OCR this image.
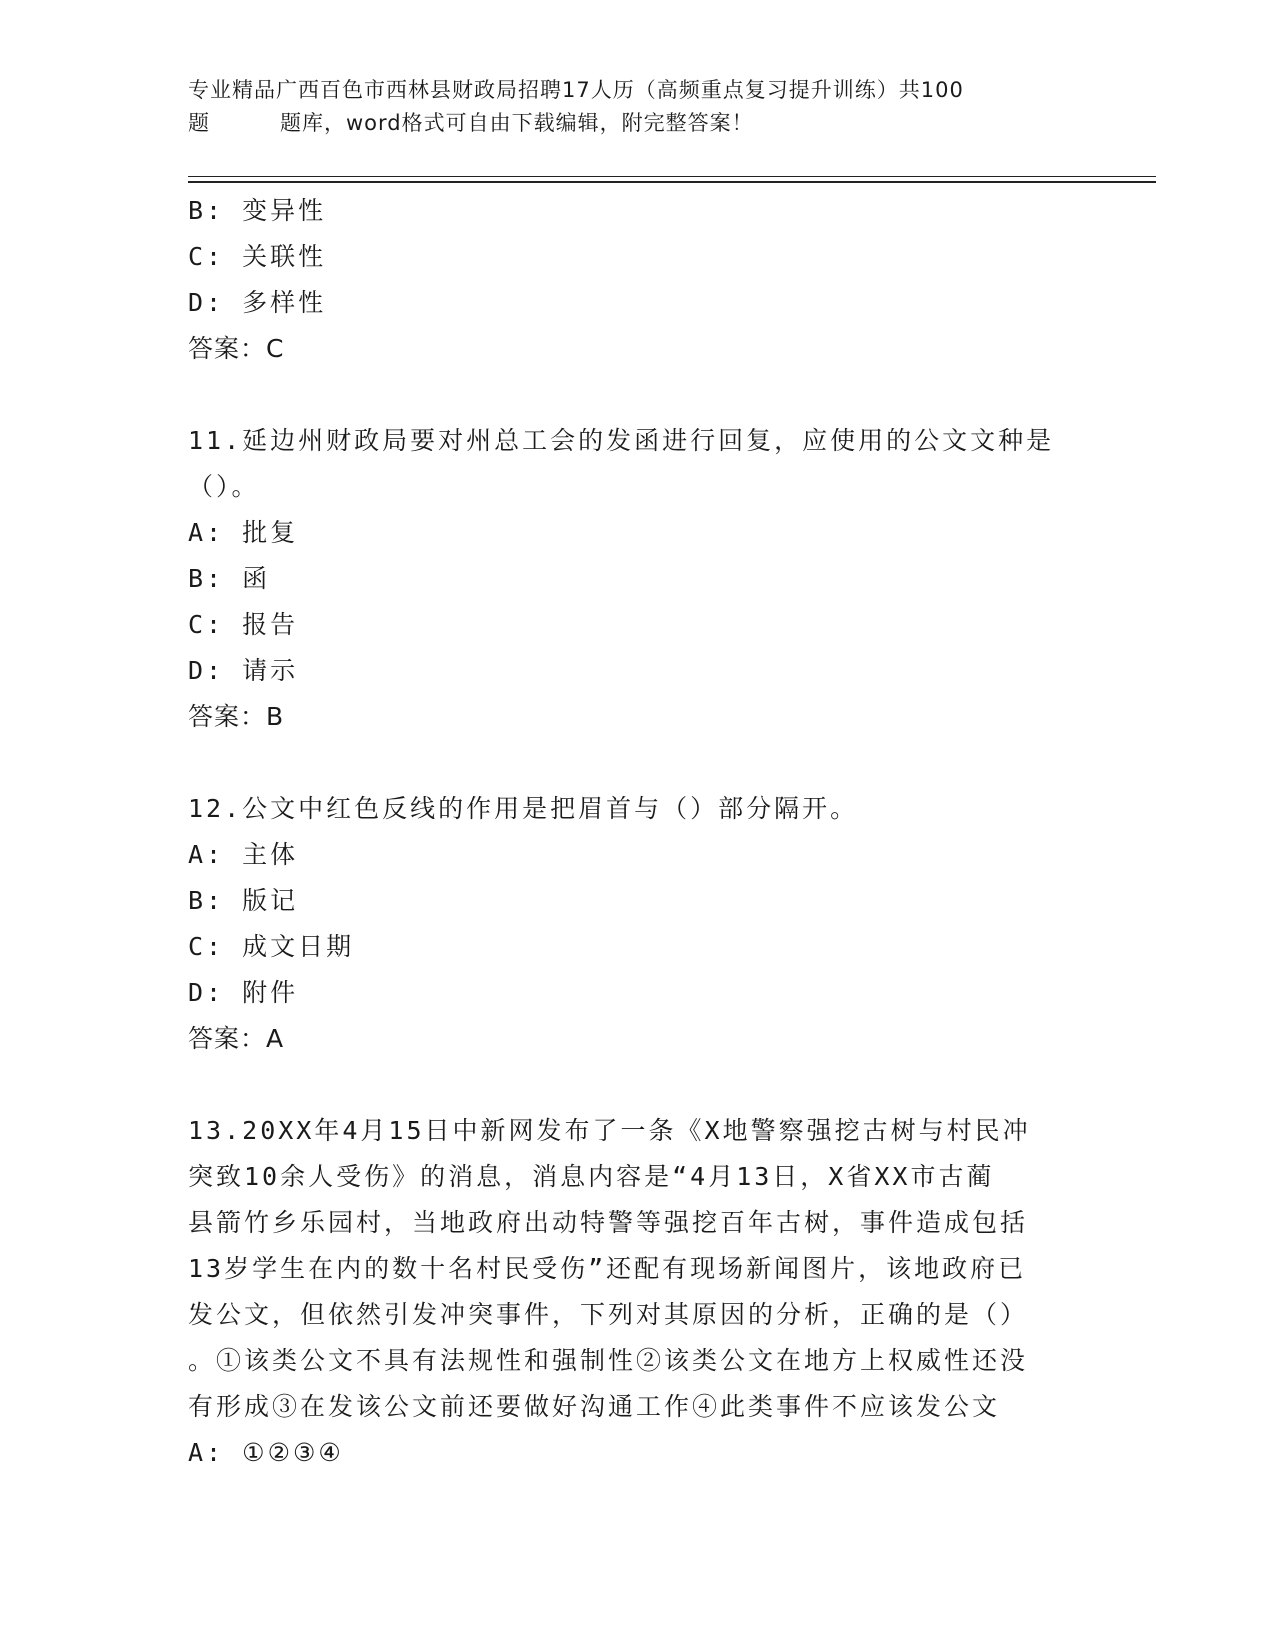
专业精品广西百色市西林县财政局招聘17人历（高频重点复习提升训练）共100
题	题库，word格式可自由下载编辑，附完整答案！
B: 变异性
C: 关联性
D: 多样性
答案：C
11.延边州财政局要对州总工会的发函进行回复，应使用的公文文种是
（）。
A: 批复
B: 函
C: 报告
D: 请示
答案：B
12.公文中红色反线的作用是把眉首与（）部分隔开。
A: 主体
B: 版记
C: 成文日期
D: 附件
答案：A
13.20XX年4月15日中新网发布了一条《X地警察强挖古树与村民冲
突致10余人受伤》的消息，消息内容是“4月13日，X省XX市古蔺
县箭竹乡乐园村，当地政府出动特警等强挖百年古树，事件造成包括
13岁学生在内的数十名村民受伤”还配有现场新闻图片，该地政府已
发公文，但依然引发冲突事件，下列对其原因的分析，正确的是（）
。①该类公文不具有法规性和强制性②该类公文在地方上权威性还没
有形成③在发该公文前还要做好沟通工作④此类事件不应该发公文
A: ①②③④
